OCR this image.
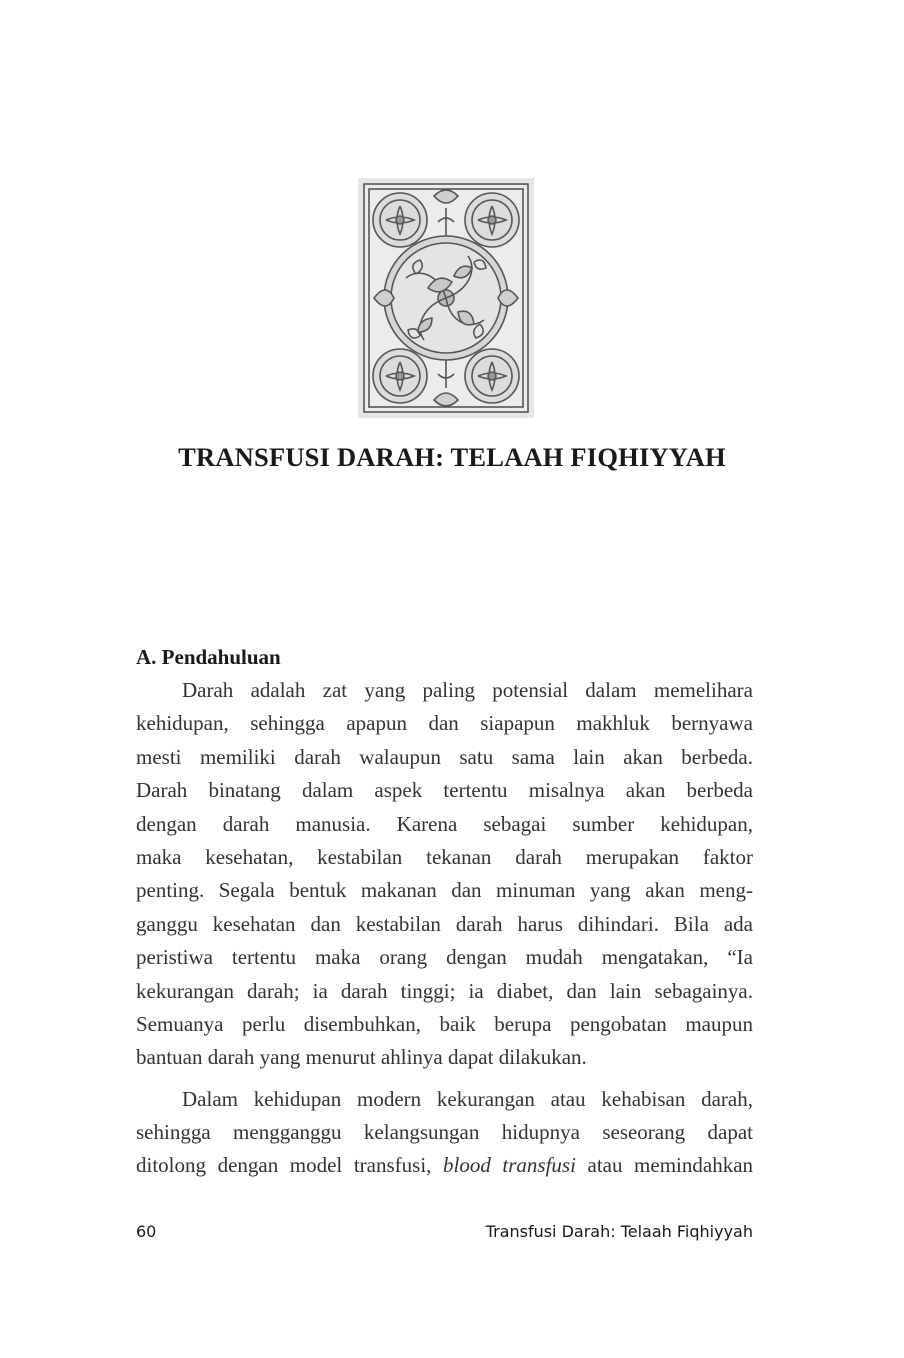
TRANSFUSI DARAH: TELAAH FIQHIYYAH
A. Pendahuluan
Darah adalah zat yang paling potensial dalam memelihara
kehidupan, sehingga apapun dan siapapun makhluk bernyawa
mesti memiliki darah walaupun satu sama lain akan berbeda.
Darah binatang dalam aspek tertentu misalnya akan berbeda
dengan darah manusia. Karena sebagai sumber kehidupan,
maka kesehatan, kestabilan tekanan darah merupakan faktor
penting. Segala bentuk makanan dan minuman yang akan meng-
ganggu kesehatan dan kestabilan darah harus dihindari. Bila ada
peristiwa tertentu maka orang dengan mudah mengatakan, “Ia
kekurangan darah; ia darah tinggi; ia diabet, dan lain sebagainya.
Semuanya perlu disembuhkan, baik berupa pengobatan maupun
bantuan darah yang menurut ahlinya dapat dilakukan.
Dalam kehidupan modern kekurangan atau kehabisan darah,
sehingga mengganggu kelangsungan hidupnya seseorang dapat
ditolong dengan model transfusi, blood transfusi atau memindahkan
60	Transfusi Darah: Telaah Fiqhiyyah
